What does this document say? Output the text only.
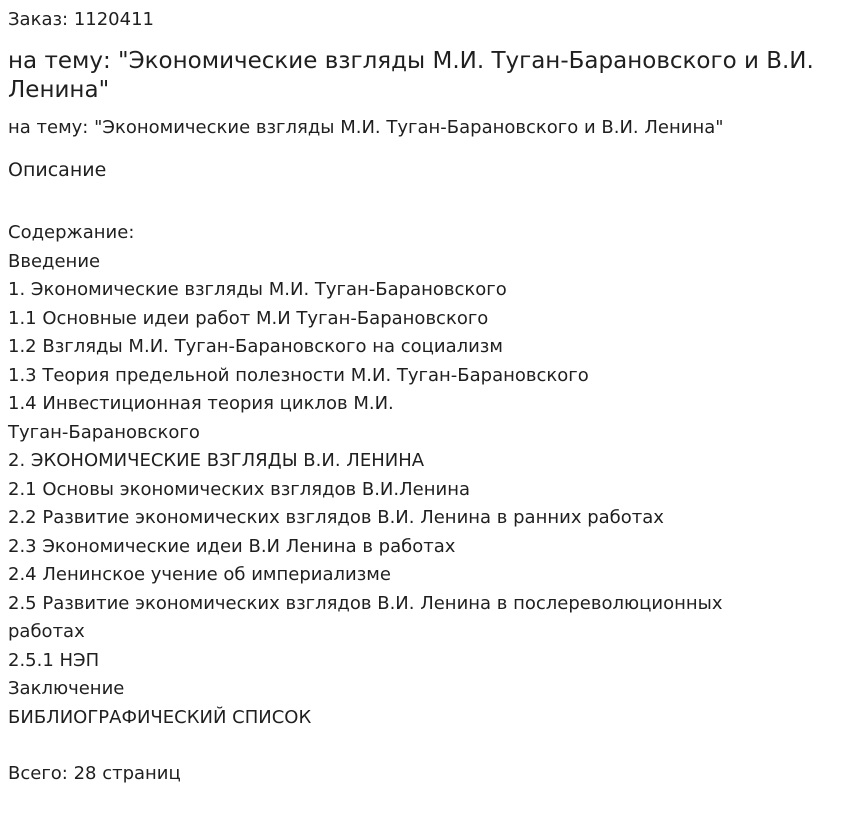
Заказ: 1120411
на тему: "Экономические взгляды М.И. Туган-Барановского и В.И. Ленина"
на тему: "Экономические взгляды М.И. Туган-Барановского и В.И. Ленина"
Описание
Содержание:
Введение
1. Экономические взгляды М.И. Туган-Барановского
1.1 Основные идеи работ М.И Туган-Барановского
1.2 Взгляды М.И. Туган-Барановского на социализм
1.3 Теория предельной полезности М.И. Туган-Барановского
1.4 Инвестиционная теория циклов М.И.
Туган-Барановского
2. ЭКОНОМИЧЕСКИЕ ВЗГЛЯДЫ В.И. ЛЕНИНА
2.1 Основы экономических взглядов В.И.Ленина
2.2 Развитие экономических взглядов В.И. Ленина в ранних работах
2.3 Экономические идеи В.И Ленина в работах
2.4 Ленинское учение об империализме
2.5 Развитие экономических взглядов В.И. Ленина в послереволюционных
работах
2.5.1 НЭП
Заключение
БИБЛИОГРАФИЧЕСКИЙ СПИСОК
Всего: 28 страниц
